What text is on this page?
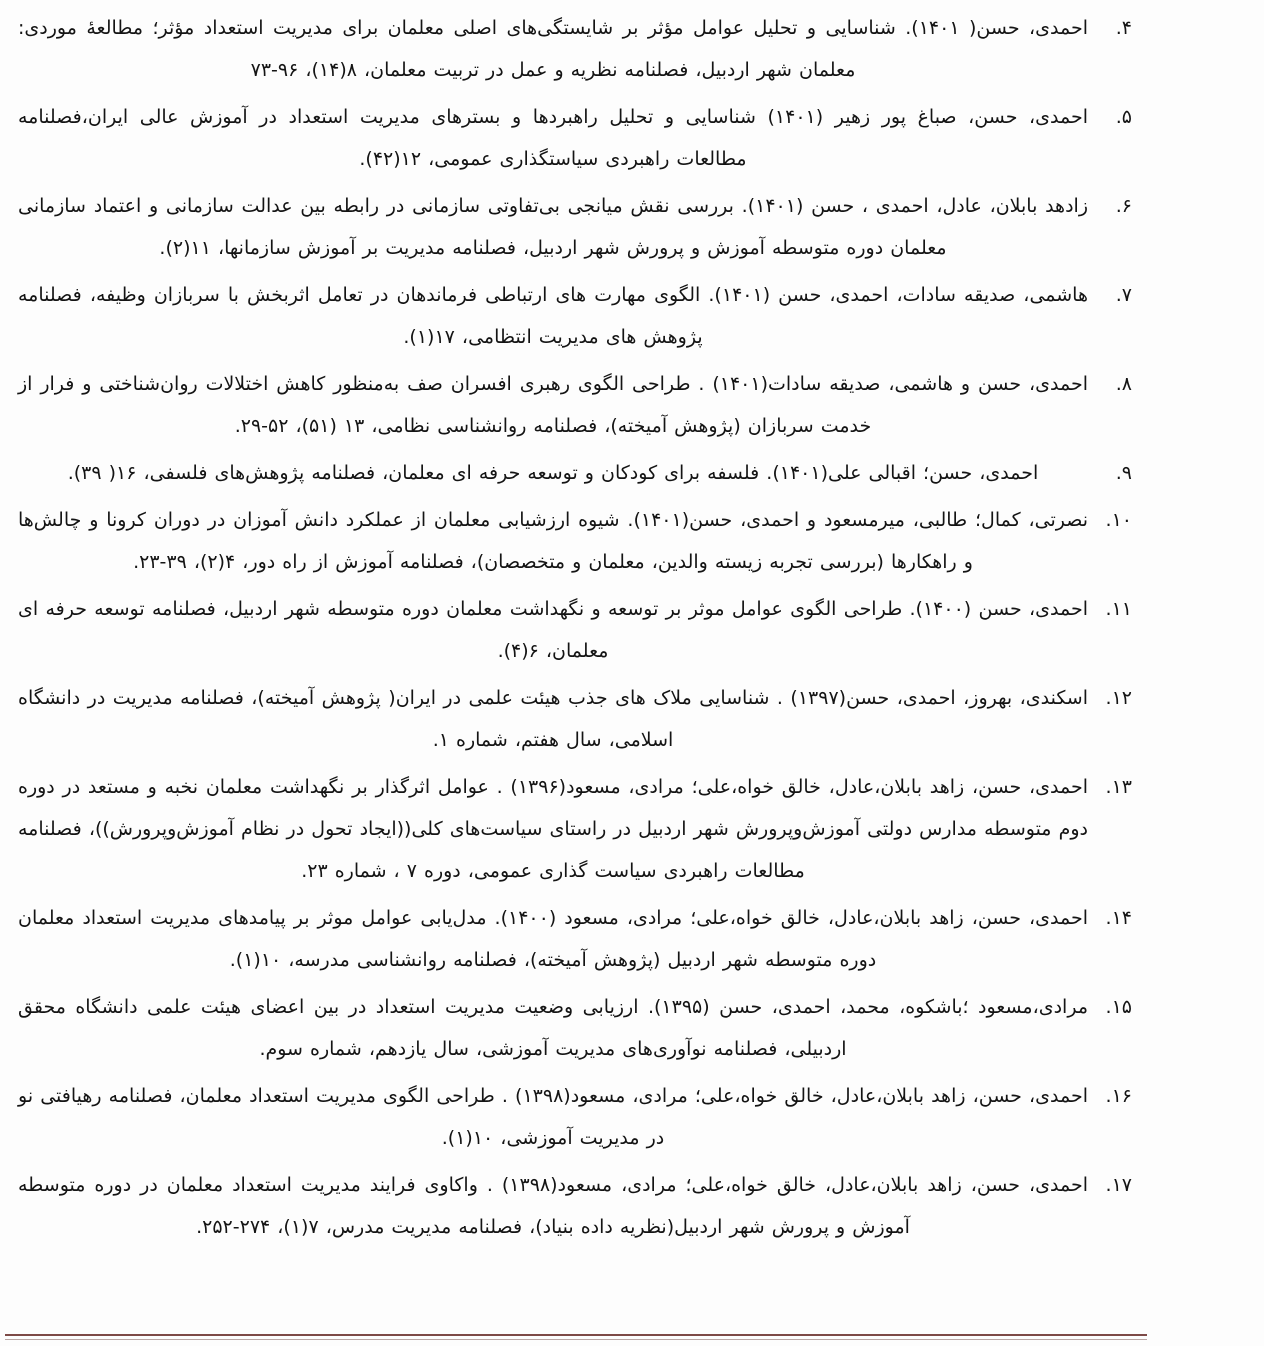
۴.
احمدی، حسن( ۱۴۰۱). شناسایی و تحلیل عوامل مؤثر بر شایستگی‌های اصلی معلمان برای مدیریت استعداد مؤثر؛ مطالعهٔ موردی: معلمان شهر اردبیل، فصلنامه نظریه و عمل در تربیت معلمان، ۸(۱۴)، ۹۶-۷۳
۵.
احمدی، حسن، صباغ پور زهیر (۱۴۰۱) شناسایی و تحلیل راهبردها و بسترهای مدیریت استعداد در آموزش عالی ایران،فصلنامه مطالعات راهبردی سیاستگذاری عمومی، ۱۲(۴۲).
۶.
زادهد بابلان، عادل، احمدی ، حسن (۱۴۰۱). بررسی نقش میانجی بی‌تفاوتی سازمانی در رابطه بین عدالت سازمانی و اعتماد سازمانی معلمان دوره متوسطه آموزش و پرورش شهر اردبیل، فصلنامه مدیریت بر آموزش سازمانها، ۱۱(۲).
۷.
هاشمی، صدیقه سادات، احمدی، حسن (۱۴۰۱). الگوی مهارت های ارتباطی فرماندهان در تعامل اثربخش با سربازان وظیفه، فصلنامه پژوهش های مدیریت انتظامی، ۱۷(۱).
۸.
احمدی، حسن و هاشمی، صدیقه سادات(۱۴۰۱) . طراحی الگوی رهبری افسران صف به‌منظور کاهش اختلالات روان‌شناختی و فرار از خدمت سربازان (پژوهش آمیخته)، فصلنامه روانشناسی نظامی، ۱۳ (۵۱)، ۵۲-۲۹.
۹.
احمدی، حسن؛ اقبالی علی(۱۴۰۱). فلسفه برای کودکان و توسعه حرفه ای معلمان، فصلنامه پژوهش‌های فلسفی، ۱۶( ۳۹).
۱۰.
نصرتی، کمال؛ طالبی، میرمسعود و احمدی، حسن(۱۴۰۱). شیوه ارزشیابی معلمان از عملکرد دانش آموزان در دوران کرونا و چالش‌ها و راهکارها (بررسی تجربه زیسته والدین، معلمان و متخصصان)، فصلنامه آموزش از راه دور، ۴(۲)، ۳۹-۲۳.
۱۱.
احمدی، حسن (۱۴۰۰). طراحی الگوی عوامل موثر بر توسعه و نگهداشت معلمان دوره متوسطه شهر اردبیل، فصلنامه توسعه حرفه ای معلمان، ۶(۴).
۱۲.
اسکندی، بهروز، احمدی، حسن(۱۳۹۷) . شناسایی ملاک های جذب هیئت علمی در ایران( پژوهش آمیخته)، فصلنامه مدیریت در دانشگاه اسلامی، سال هفتم، شماره ۱.
۱۳.
احمدی، حسن، زاهد بابلان،عادل، خالق خواه،علی؛ مرادی، مسعود(۱۳۹۶) . عوامل اثرگذار بر نگهداشت معلمان نخبه و مستعد در دوره دوم متوسطه مدارس دولتی آموزش‌وپرورش شهر اردبیل در راستای سیاست‌های کلی((ایجاد تحول در نظام آموزش‌وپرورش))، فصلنامه مطالعات راهبردی سیاست گذاری عمومی، دوره ۷ ، شماره ۲۳.
۱۴.
احمدی، حسن، زاهد بابلان،عادل، خالق خواه،علی؛ مرادی، مسعود (۱۴۰۰). مدل‌یابی عوامل موثر بر پیامدهای مدیریت استعداد معلمان دوره متوسطه شهر اردبیل (پژوهش آمیخته)، فصلنامه روانشناسی مدرسه، ۱۰(۱).
۱۵.
مرادی،مسعود ؛باشکوه، محمد، احمدی، حسن (۱۳۹۵). ارزیابی وضعیت مدیریت استعداد در بین اعضای هیئت علمی دانشگاه محقق اردبیلی، فصلنامه نوآوری‌های مدیریت آموزشی، سال یازدهم، شماره سوم.
۱۶.
احمدی، حسن، زاهد بابلان،عادل، خالق خواه،علی؛ مرادی، مسعود(۱۳۹۸) . طراحی الگوی مدیریت استعداد معلمان، فصلنامه رهیافتی نو در مدیریت آموزشی، ۱۰(۱).
۱۷.
احمدی، حسن، زاهد بابلان،عادل، خالق خواه،علی؛ مرادی، مسعود(۱۳۹۸) . واکاوی فرایند مدیریت استعداد معلمان در دوره متوسطه آموزش و پرورش شهر اردبیل(نظریه داده بنیاد)، فصلنامه مدیریت مدرس، ۷(۱)، ۲۷۴-۲۵۲.
